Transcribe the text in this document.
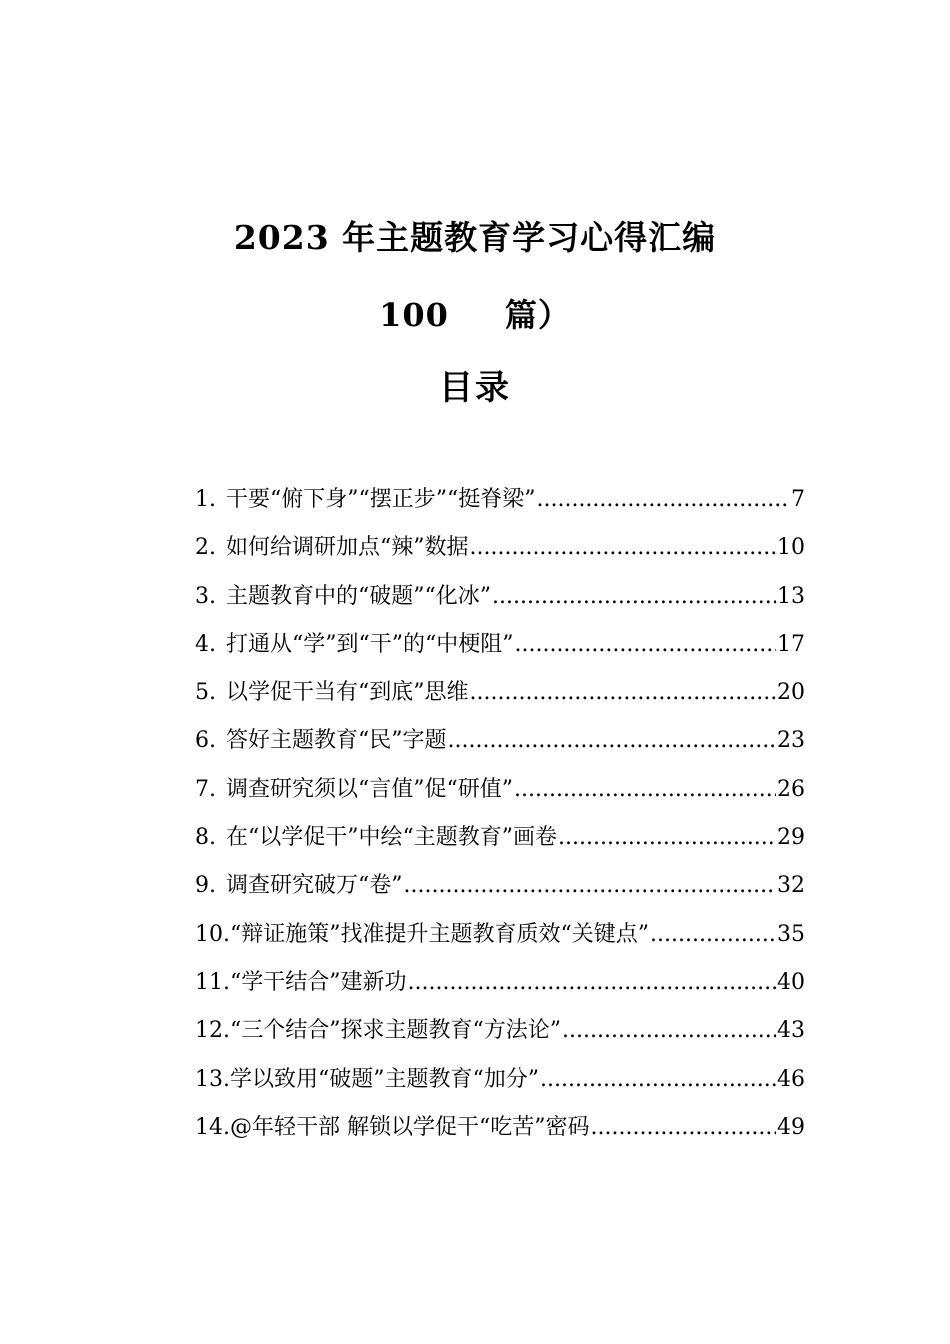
2023 年主题教育学习心得汇编
100 篇）
目录
1. 干要“俯下身”“摆正步”“挺脊梁” .....	7
2. 如何给调研加点“辣”数据 .....	10
3. 主题教育中的“破题”“化冰” .....	13
4. 打通从“学”到“干”的“中梗阻” .....	17
5. 以学促干当有“到底”思维 .....	20
6. 答好主题教育“民”字题 .....	23
7. 调查研究须以“言值”促“研值” .....	26
8. 在“以学促干”中绘“主题教育”画卷 .....	29
9. 调查研究破万“卷” .....	32
10. “辩证施策”找准提升主题教育质效“关键点” .....	35
11. “学干结合”建新功 .....	40
12. “三个结合”探求主题教育“方法论” .....	43
13. 学以致用“破题”主题教育“加分” .....	46
14. @年轻干部 解锁以学促干“吃苦”密码 .....	49
